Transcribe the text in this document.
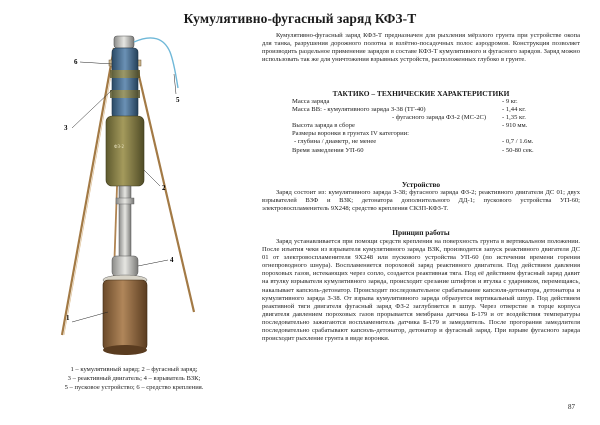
Кумулятивно-фугасный заряд КФЗ-Т
ФЗ-2
1
2
3
4
5
6
1 – кумулятивный заряд; 2 – фугасный заряд;
3 – реактивный двигатель; 4 – взрыватель ВЗК;
5 – пусковое устройство; 6 – средство крепления.

Кумулятивно-фугасный заряд КФЗ-Т предназначен для рыхления мёрзлого грунта при устройстве окопа для танка, разрушения дорожного полотна и взлётно-посадочных полос аэродромов. Конструкция позволяет производить раздельное применение зарядов в составе КФЗ-Т кумулятивного и фугасного зарядов. Заряд можно использовать так же для уничтожения взрывных устройств, расположенных глубоко в грунте.

ТАКТИКО – ТЕХНИЧЕСКИЕ ХАРАКТЕРИСТИКИ
Масса заряда	- 9 кг.
Масса ВВ: - кумулятивного заряда З-38 (ТГ-40)	- 1,44 кг.
- фугасного заряда ФЗ-2 (МС-2С) - 1,35 кг.
Высота заряда в сборе	- 910 мм.
Размеры воронки в грунтах IV категории:
- глубина / диаметр, не менее	- 0,7 / 1.6м.
Время замедления УП-60	- 50-80 сек.
Устройство

Заряд состоит из: кумулятивного заряда З-38; фугасного заряда ФЗ-2; реактивного двигателя ДС 01; двух взрывателей ВЗФ и ВЗК; детонатора дополнительного ДД-1; пускового устройства УП-60; электровоспламенитель 9Х248; средство крепления СКЗП-КФЗ-Т.

Принцип работы

Заряд устанавливается при помощи средств крепления на поверхность грунта в вертикальном положении. После изъятия чеки из взрывателя кумулятивного заряда ВЗК, производится запуск реактивного двигателя ДС 01 от электровоспламенителя 9Х248 или пускового устройства УП-60 (по истечении времени горения огнепроводного шнура). Воспламеняется пороховой заряд реактивного двигателя. Под действием давления пороховых газов, истекающих через сопло, создается реактивная тяга. Под её действием фугасный заряд давит на втулку взрывателя кумулятивного заряда, происходит срезание штифтов и втулка с ударником, перемещаясь, накалывает капсюль-детонатор. Происходит последовательное срабатывание капсюля-детонатора, детонатора и кумулятивного заряда З-38. От взрыва кумулятивного заряда образуется вертикальный шпур. Под действием реактивной тяги двигателя фугасный заряд ФЗ-2 заглубляется в шпур. Через отверстие в торце корпуса двигателя давлением пороховых газов прорывается мембрана датчика Б-179 и от воздействия температуры последовательно зажигаются воспламенитель датчика Б-179 и замедлитель. После прогорания замедлителя последовательно срабатывают капсюль-детонатор, детонатор и фугасный заряд. При взрыве фугасного заряда происходит рыхление грунта в виде воронки.

87
